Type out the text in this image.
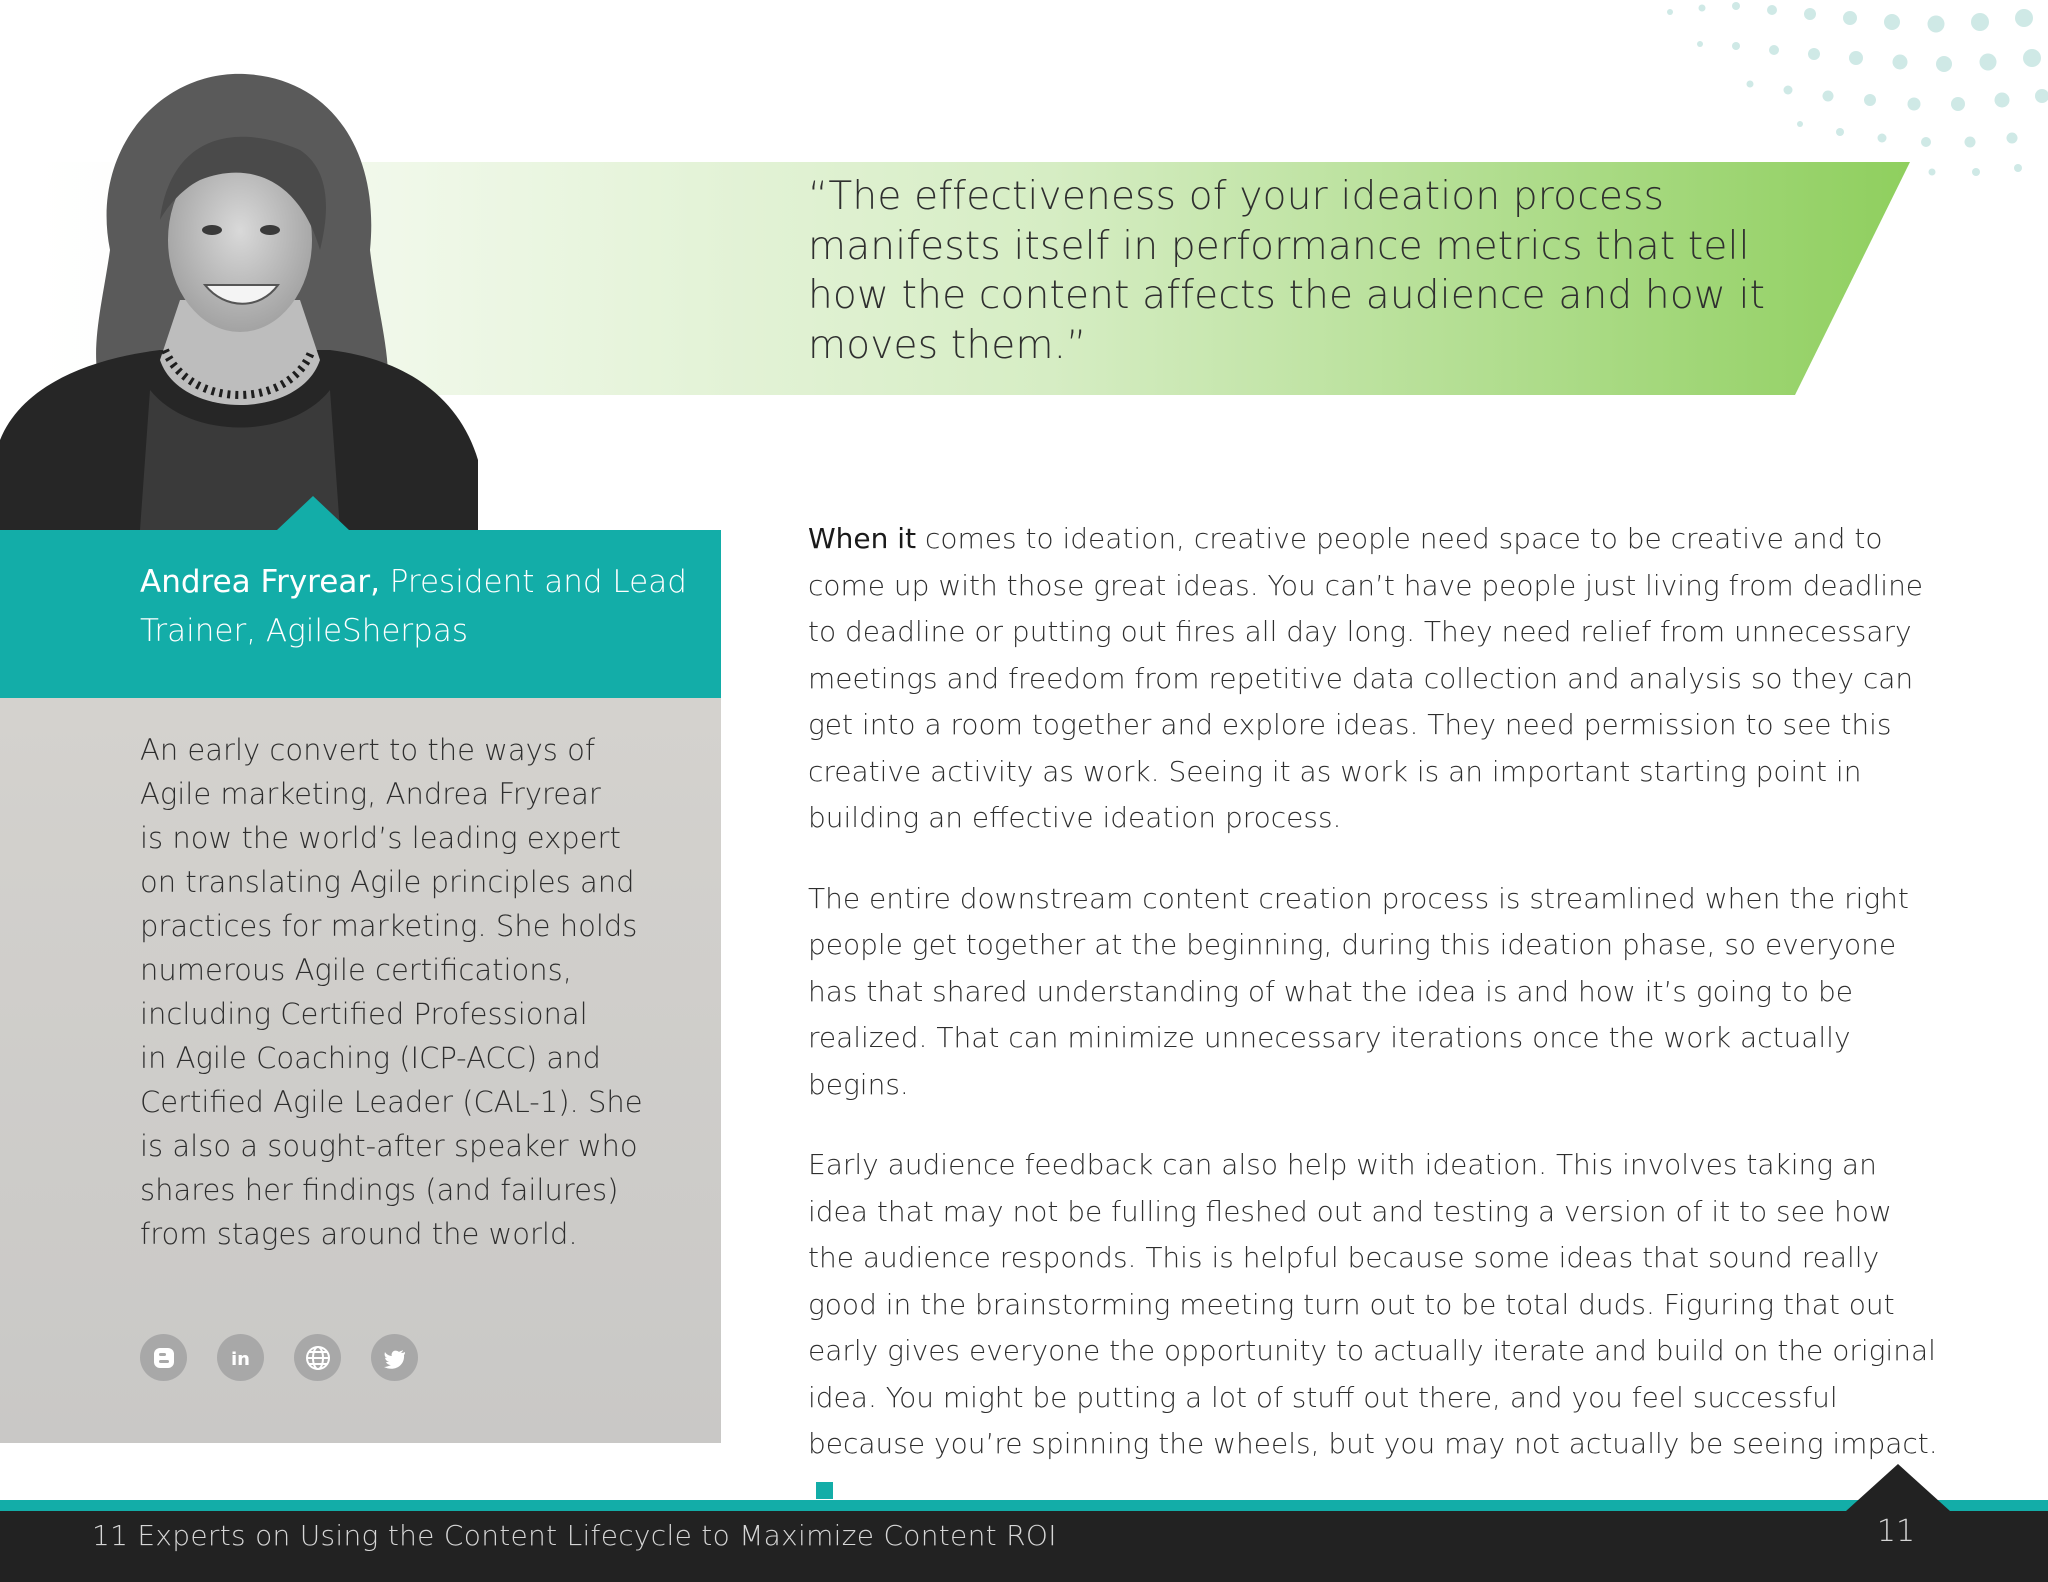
“The effectiveness of your ideation process manifests itself in performance metrics that tell how the content affects the audience and how it moves them.”

Andrea Fryrear, President and Lead Trainer, AgileSherpas

An early convert to the ways of
Agile marketing, Andrea Fryrear
is now the world’s leading expert
on translating Agile principles and
practices for marketing. She holds
numerous Agile certifications,
including Certified Professional
in Agile Coaching (ICP-ACC) and
Certified Agile Leader (CAL-1). She
is also a sought-after speaker who
shares her findings (and failures)
from stages around the world.

in

When it comes to ideation, creative people need space to be creative and to come up with those great ideas. You can’t have people just living from deadline to deadline or putting out fires all day long. They need relief from unnecessary meetings and freedom from repetitive data collection and analysis so they can get into a room together and explore ideas. They need permission to see this creative activity as work. Seeing it as work is an important starting point in building an effective ideation process.

The entire downstream content creation process is streamlined when the right people get together at the beginning, during this ideation phase, so everyone has that shared understanding of what the idea is and how it’s going to be realized. That can minimize unnecessary iterations once the work actually begins.

Early audience feedback can also help with ideation. This involves taking an idea that may not be fulling fleshed out and testing a version of it to see how the audience responds. This is helpful because some ideas that sound really good in the brainstorming meeting turn out to be total duds. Figuring that out early gives everyone the opportunity to actually iterate and build on the original idea. You might be putting a lot of stuff out there, and you feel successful because you’re spinning the wheels, but you may not actually be seeing impact.

11 Experts on Using the Content Lifecycle to Maximize Content ROI	11
